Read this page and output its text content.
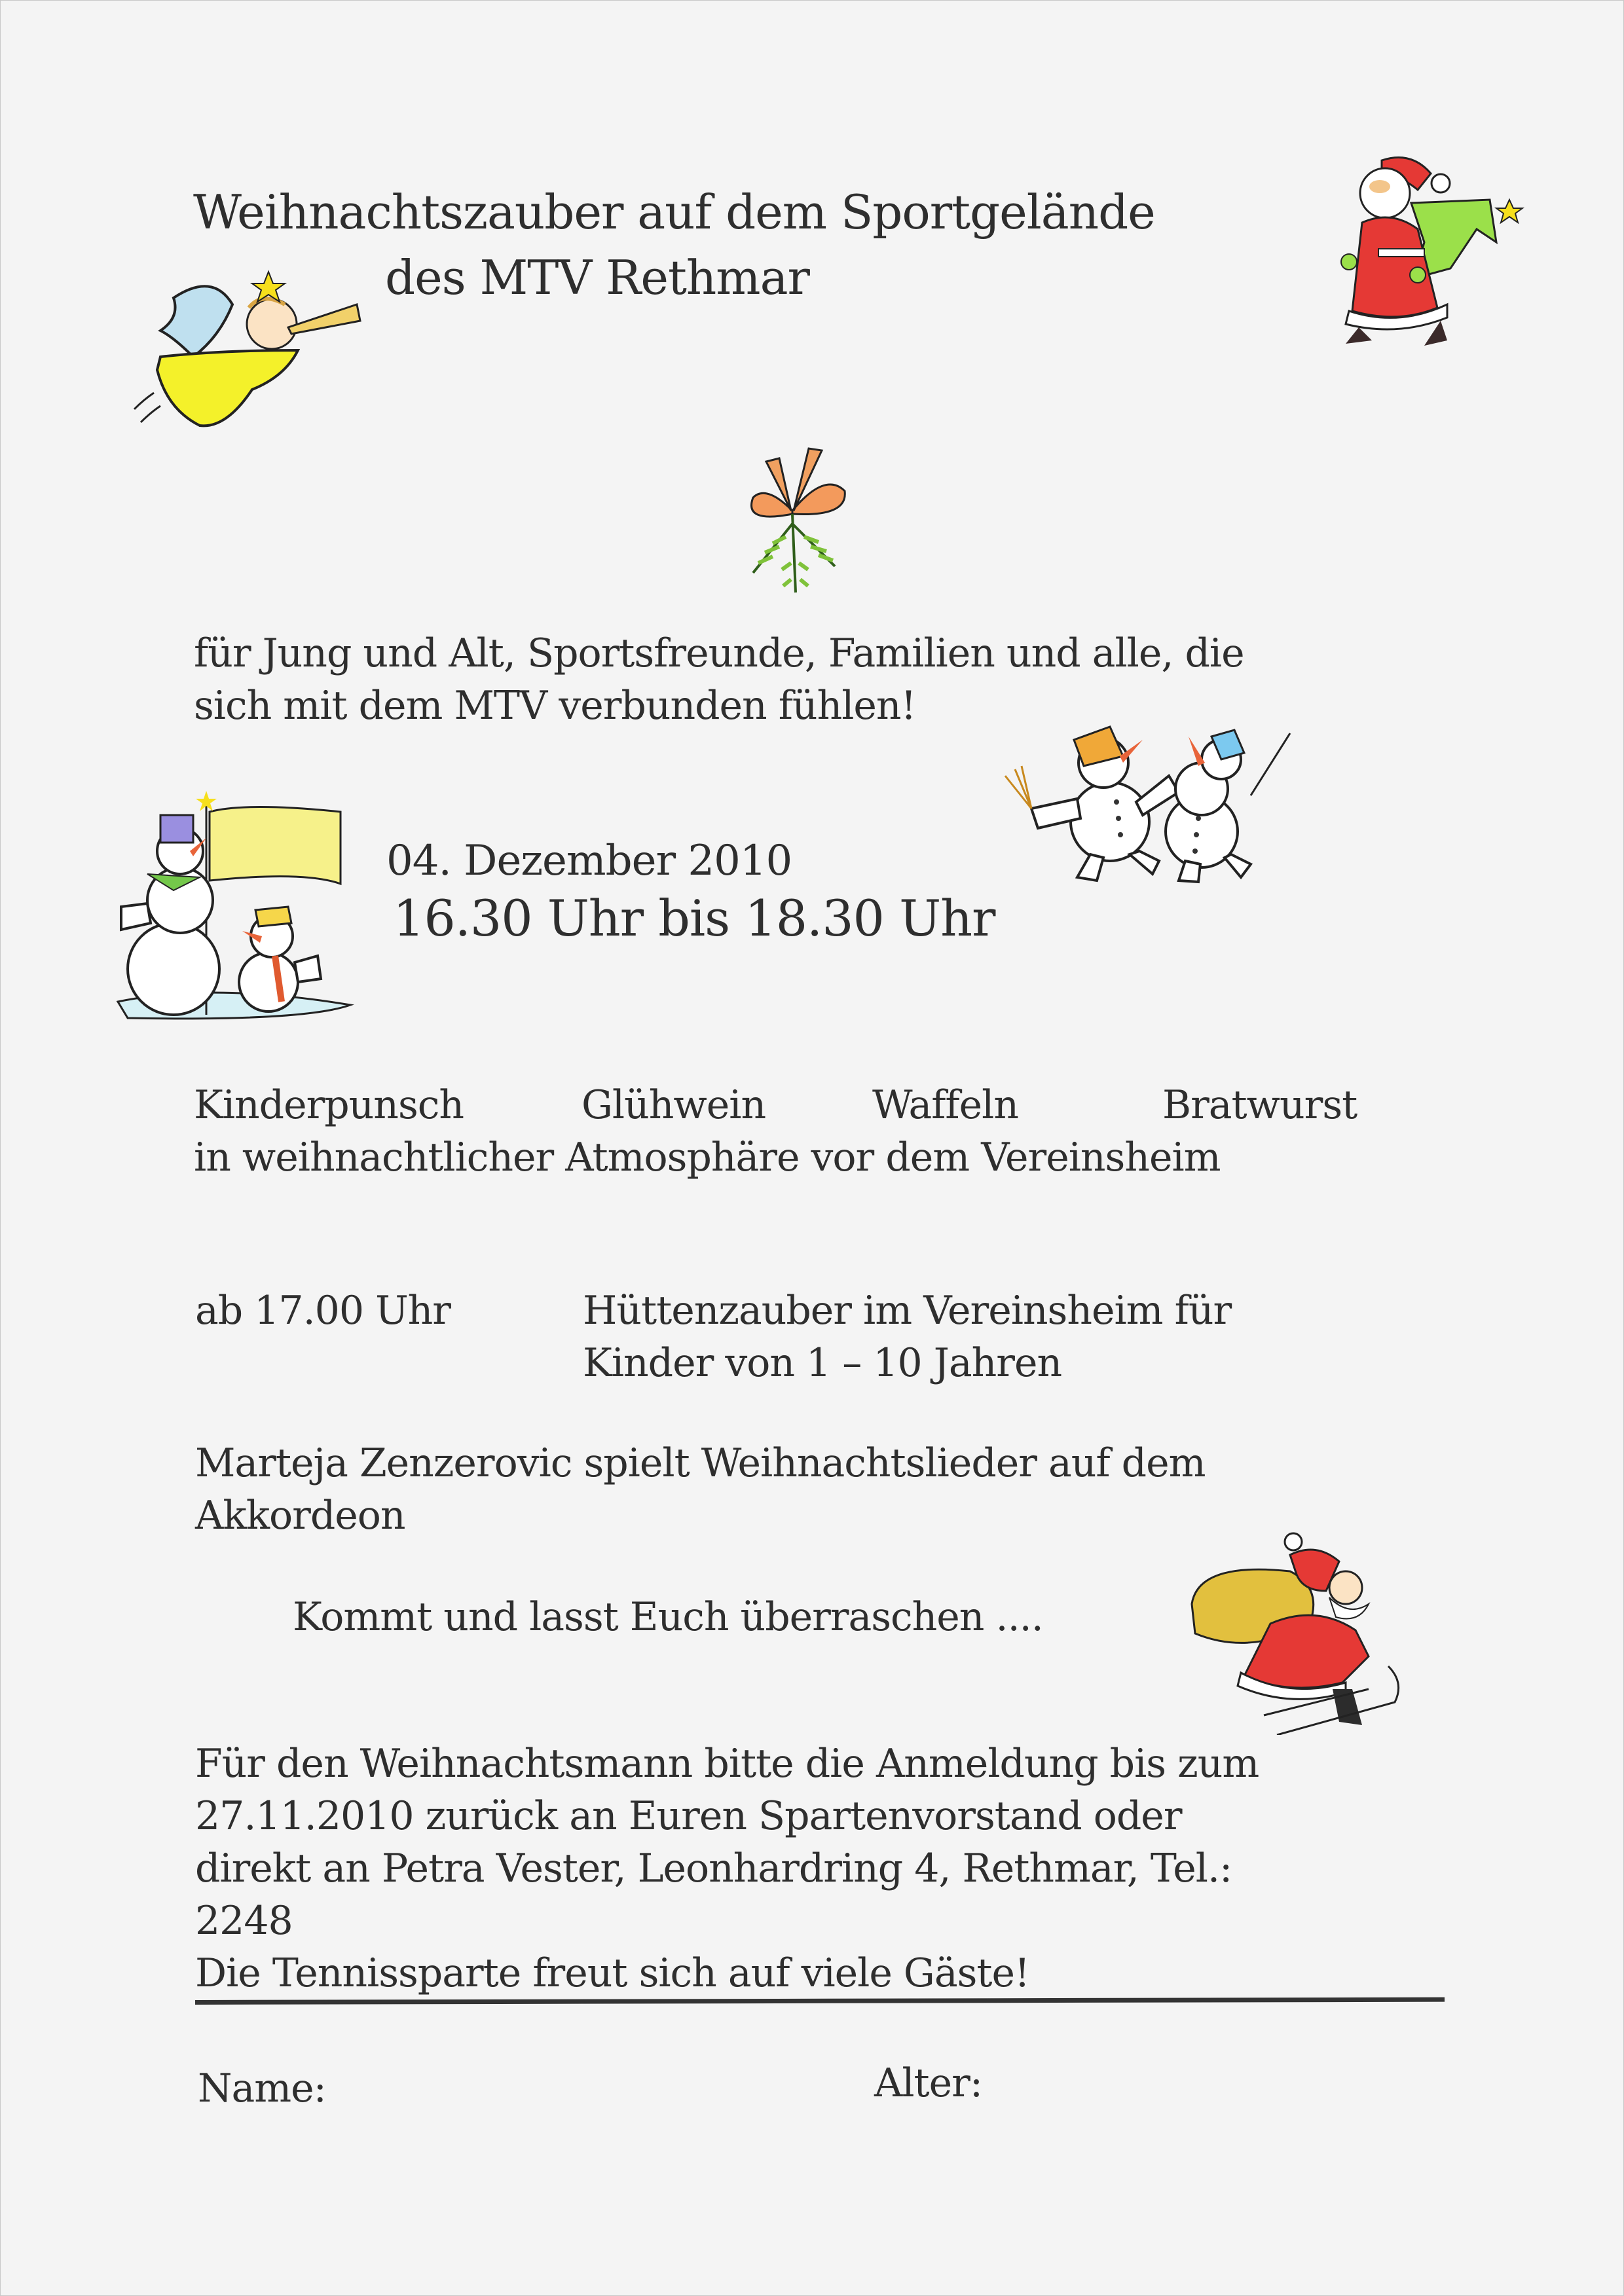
Weihnachtszauber auf dem Sportgelände
des MTV Rethmar
für Jung und Alt, Sportsfreunde, Familien und alle, die
sich mit dem MTV verbunden fühlen!
04. Dezember 2010
16.30 Uhr bis 18.30 Uhr
Kinderpunsch	Glühwein	Waffeln	Bratwurst
in weihnachtlicher Atmosphäre vor dem Vereinsheim
ab 17.00 Uhr	Hüttenzauber im Vereinsheim für
Kinder von 1 – 10 Jahren
Marteja Zenzerovic spielt Weihnachtslieder auf dem
Akkordeon
Kommt und lasst Euch überraschen ....
Für den Weihnachtsmann bitte die Anmeldung bis zum
27.11.2010 zurück an Euren Spartenvorstand oder
direkt an Petra Vester, Leonhardring 4, Rethmar, Tel.:
2248
Die Tennissparte freut sich auf viele Gäste!
Name:	Alter:
